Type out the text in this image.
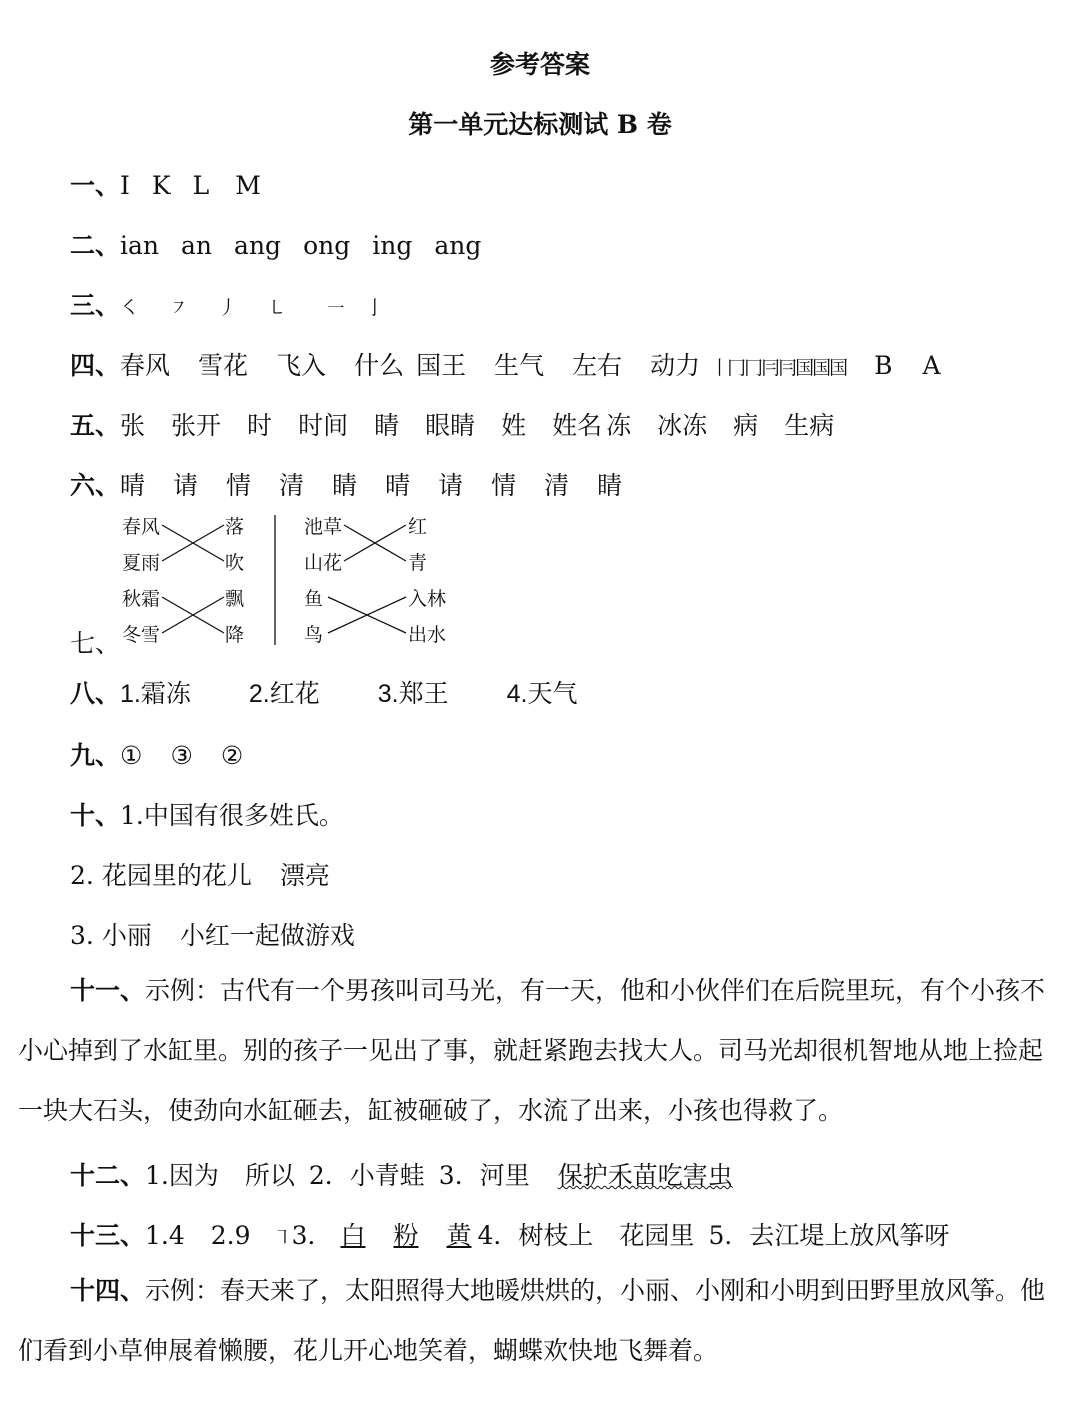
参考答案
第一单元达标测试 B 卷
一、I K L M
二、ian an ang ong ing ang
三、㇛ ㇇ 丿 ㇄ ㇐ 亅
四、春风 雪花 飞入 什么 国王 生气 左右 动力 丨冂冂冃冃国国国 B A
五、张 张开 时 时间 睛 眼睛 姓 姓名 冻 冰冻 病 生病
六、晴 请 情 清 睛 晴 请 情 清 睛
七、
春风
夏雨
秋霜
冬雪
落
吹
飘
降
池草
山花
鱼
鸟
红
青
入林
出水
八、1.霜冻 2.红花 3.郑王 4.天气
九、① ③ ②
十、1.中国有很多姓氏。
2. 花园里的花儿 漂亮
3. 小丽 小红一起做游戏
十一、示例：古代有一个男孩叫司马光，有一天，他和小伙伴们在后院里玩，有个小孩不小心掉到了水缸里。别的孩子一见出了事，就赶紧跑去找大人。司马光却很机智地从地上捡起一块大石头，使劲向水缸砸去，缸被砸破了，水流了出来，小孩也得救了。
十二、1.因为 所以 2．小青蛙 3．河里 保护禾苗吃害虫
十三、1.4 2.9 ㇕3． 白 粉 黄 4．树枝上 花园里 5．去江堤上放风筝呀
十四、示例：春天来了，太阳照得大地暖烘烘的，小丽、小刚和小明到田野里放风筝。他们看到小草伸展着懒腰，花儿开心地笑着，蝴蝶欢快地飞舞着。
